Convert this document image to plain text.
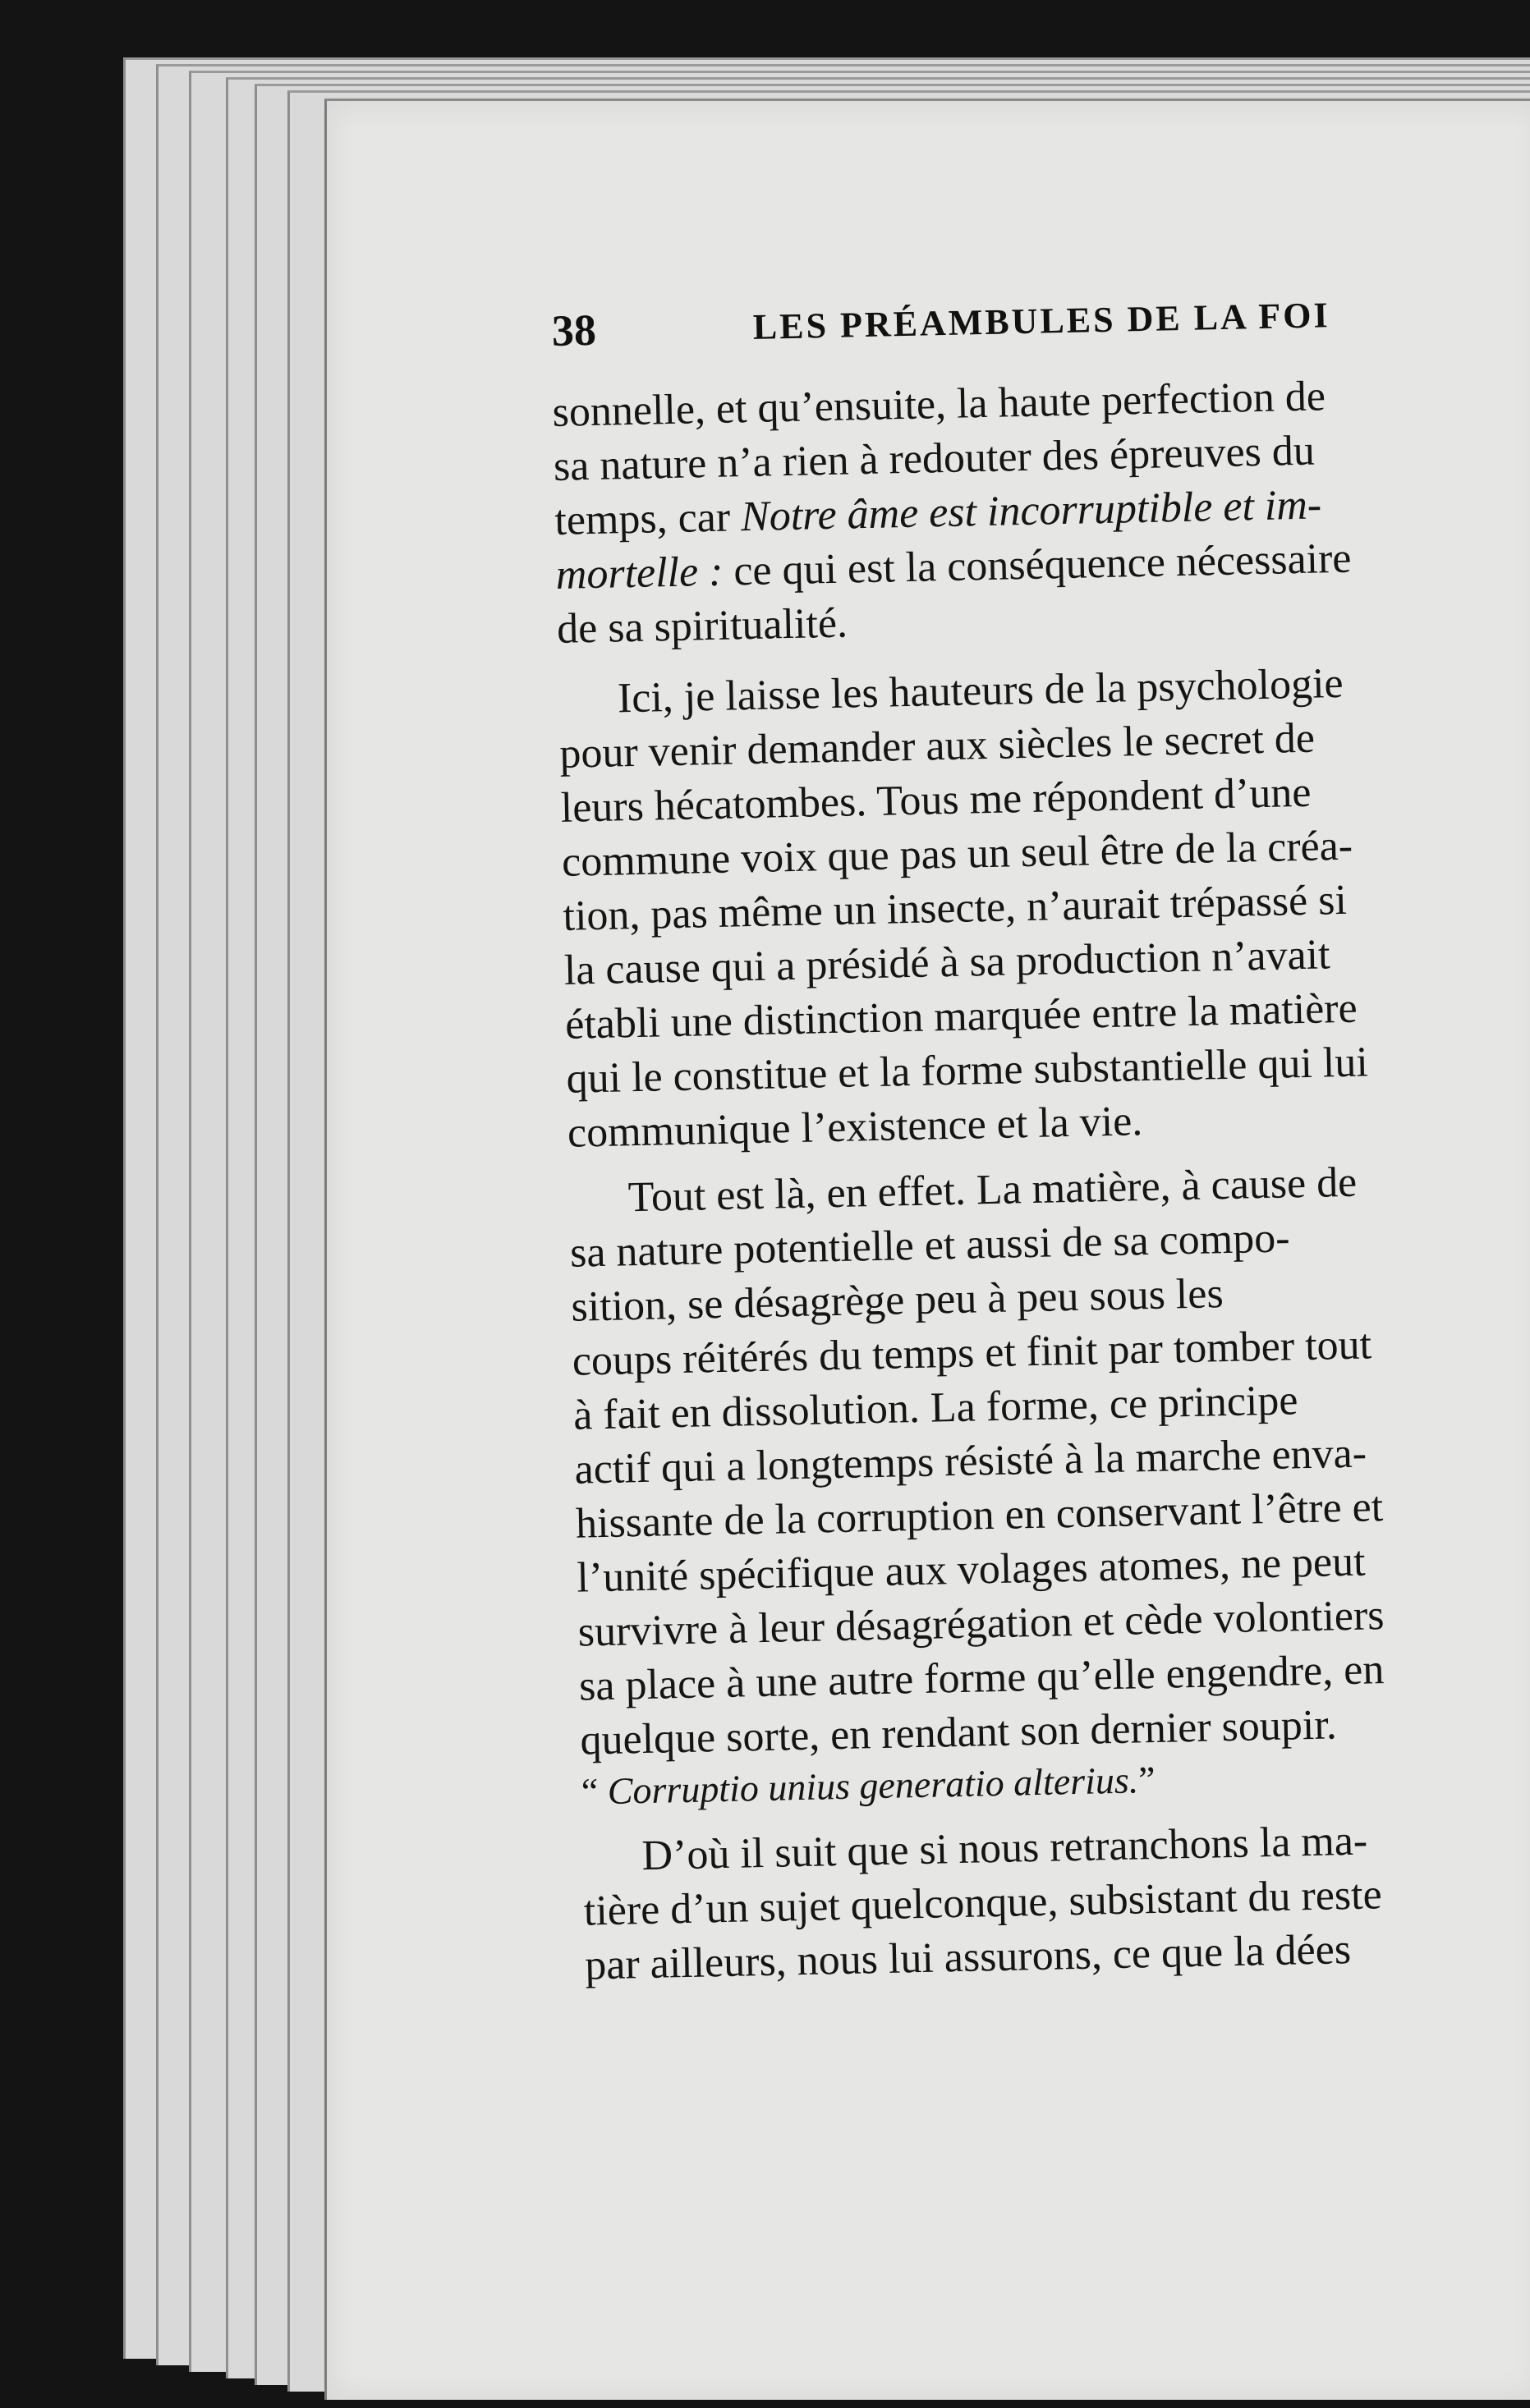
38	LES PRÉAMBULES DE LA FOI
sonnelle, et qu’ensuite, la haute perfection de
sa nature n’a rien à redouter des épreuves du
temps, car Notre âme est incorruptible et im-
mortelle : ce qui est la conséquence nécessaire
de sa spiritualité.
Ici, je laisse les hauteurs de la psychologie
pour venir demander aux siècles le secret de
leurs hécatombes. Tous me répondent d’une
commune voix que pas un seul être de la créa-
tion, pas même un insecte, n’aurait trépassé si
la cause qui a présidé à sa production n’avait
établi une distinction marquée entre la matière
qui le constitue et la forme substantielle qui lui
communique l’existence et la vie.
Tout est là, en effet. La matière, à cause de
sa nature potentielle et aussi de sa compo-
sition, se désagrège peu à peu sous les
coups réitérés du temps et finit par tomber tout
à fait en dissolution. La forme, ce principe
actif qui a longtemps résisté à la marche enva-
hissante de la corruption en conservant l’être et
l’unité spécifique aux volages atomes, ne peut
survivre à leur désagrégation et cède volontiers
sa place à une autre forme qu’elle engendre, en
quelque sorte, en rendant son dernier soupir.
“ Corruptio unius generatio alterius.”
D’où il suit que si nous retranchons la ma-
tière d’un sujet quelconque, subsistant du reste
par ailleurs, nous lui assurons, ce que la dées
